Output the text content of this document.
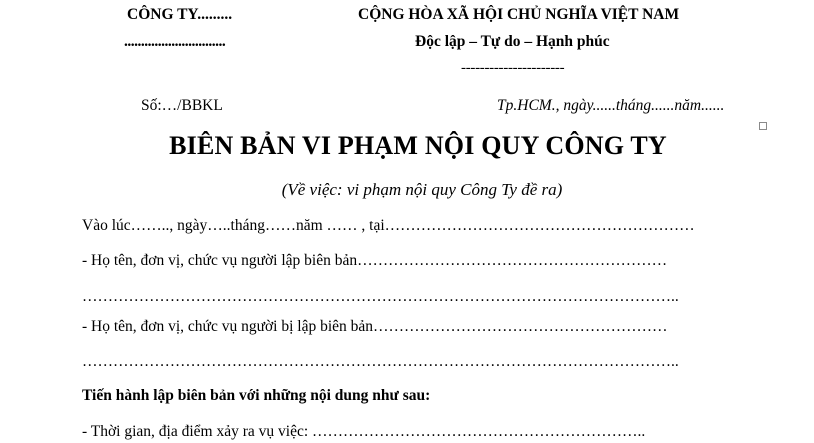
CÔNG TY.........
..............................
CỘNG HÒA XÃ HỘI CHỦ NGHĨA VIỆT NAM
Độc lập – Tự do – Hạnh phúc
----------------------
Số:…/BBKL	Tp.HCM., ngày......tháng......năm......
BIÊN BẢN VI PHẠM NỘI QUY CÔNG TY
(Về việc: vi phạm nội quy Công Ty đề ra)
Vào lúc…….., ngày…..tháng……năm …… , tại……………………………………………………
- Họ tên, đơn vị, chức vụ người lập biên bản……………………………………………………
……………………………………………………………………………………………………..
- Họ tên, đơn vị, chức vụ người bị lập biên bản…………………………………………………
……………………………………………………………………………………………………..
Tiến hành lập biên bản với những nội dung như sau:
- Thời gian, địa điểm xảy ra vụ việc: ………………………………………………………..
